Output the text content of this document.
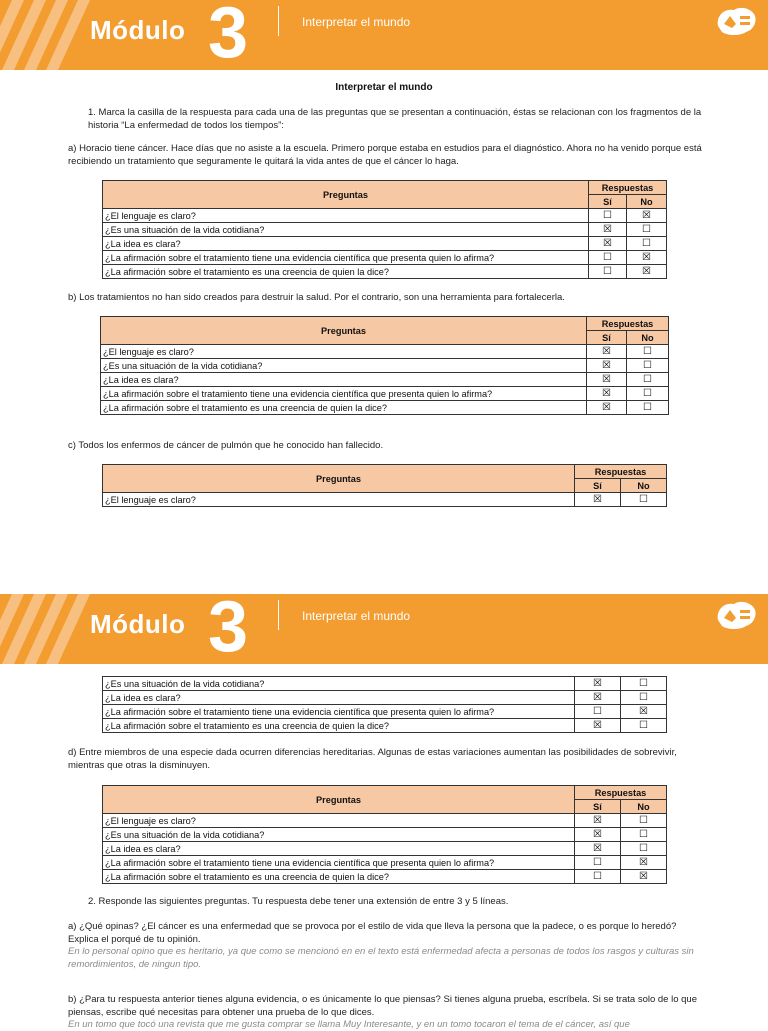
Módulo 3	Interpretar el mundo
Interpretar el mundo
1. Marca la casilla de la respuesta para cada una de las preguntas que se presentan a continuación, éstas se relacionan con los fragmentos de la historia “La enfermedad de todos los tiempos”:
a) Horacio tiene cáncer. Hace días que no asiste a la escuela. Primero porque estaba en estudios para el diagnóstico. Ahora no ha venido porque está recibiendo un tratamiento que seguramente le quitará la vida antes de que el cáncer lo haga.
Preguntas	Respuestas	
	Sí	No
¿El lenguaje es claro?	☐	☒
¿Es una situación de la vida cotidiana?	☒	☐
¿La idea es clara?	☒	☐
¿La afirmación sobre el tratamiento tiene una evidencia científica que presenta quien lo afirma?	☐	☒
¿La afirmación sobre el tratamiento es una creencia de quien la dice?	☐	☒
b) Los tratamientos no han sido creados para destruir la salud. Por el contrario, son una herramienta para fortalecerla.
Preguntas	Respuestas	
	Sí	No
¿El lenguaje es claro?	☒	☐
¿Es una situación de la vida cotidiana?	☒	☐
¿La idea es clara?	☒	☐
¿La afirmación sobre el tratamiento tiene una evidencia científica que presenta quien lo afirma?	☒	☐
¿La afirmación sobre el tratamiento es una creencia de quien la dice?	☒	☐
c) Todos los enfermos de cáncer de pulmón que he conocido han fallecido.
Preguntas	Respuestas	
	Sí	No
¿El lenguaje es claro?	☒	☐
Módulo 3	Interpretar el mundo
¿Es una situación de la vida cotidiana?	☒	☐
¿La idea es clara?	☒	☐
¿La afirmación sobre el tratamiento tiene una evidencia científica que presenta quien lo afirma?	☐	☒
¿La afirmación sobre el tratamiento es una creencia de quien la dice?	☒	☐
d) Entre miembros de una especie dada ocurren diferencias hereditarias. Algunas de estas variaciones aumentan las posibilidades de sobrevivir, mientras que otras la disminuyen.
Preguntas	Respuestas	
	Sí	No
¿El lenguaje es claro?	☒	☐
¿Es una situación de la vida cotidiana?	☒	☐
¿La idea es clara?	☒	☐
¿La afirmación sobre el tratamiento tiene una evidencia científica que presenta quien lo afirma?	☐	☒
¿La afirmación sobre el tratamiento es una creencia de quien la dice?	☐	☒
2. Responde las siguientes preguntas. Tu respuesta debe tener una extensión de entre 3 y 5 líneas.
a) ¿Qué opinas? ¿El cáncer es una enfermedad que se provoca por el estilo de vida que lleva la persona que la padece, o es porque lo heredó? Explica el porqué de tu opinión.
En lo personal opino que es heritario, ya que como se mencionó en en el texto está enfermedad afecta a personas de todos los rasgos y culturas sin remordimientos, de ningun tipo.
b) ¿Para tu respuesta anterior tienes alguna evidencia, o es únicamente lo que piensas? Si tienes alguna prueba, escríbela. Si se trata solo de lo que piensas, escribe qué necesitas para obtener una prueba de lo que dices.
En un tomo que tocó una revista que me gusta comprar se llama Muy Interesante, y en un tomo tocaron el tema de el cáncer, así que
